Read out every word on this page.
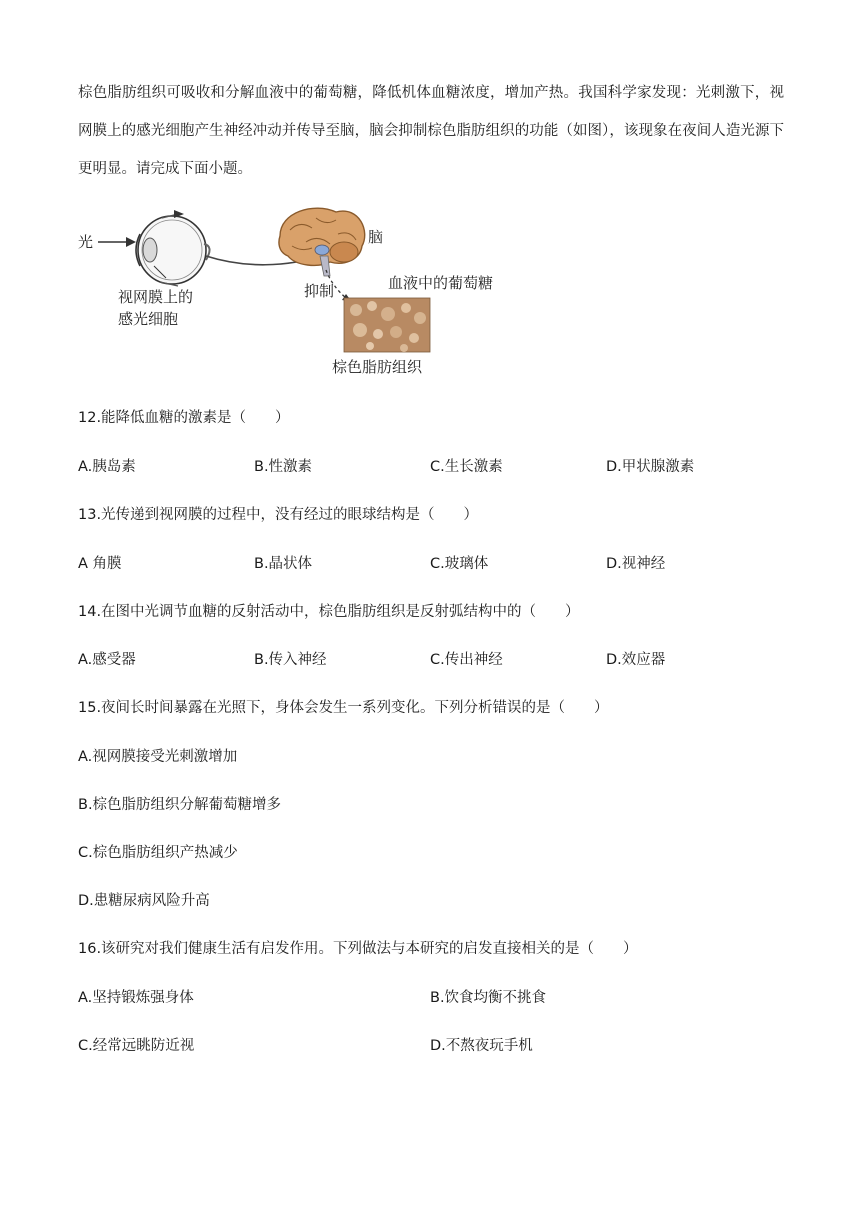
棕色脂肪组织可吸收和分解血液中的葡萄糖，降低机体血糖浓度，增加产热。我国科学家发现：光刺激下，视网膜上的感光细胞产生神经冲动并传导至脑，脑会抑制棕色脂肪组织的功能（如图），该现象在夜间人造光源下更明显。请完成下面小题。

光	脑
视网膜上的
感光细胞
抑制	血液中的葡萄糖
棕色脂肪组织

12.能降低血糖的激素是（　　）

A.胰岛素	B.性激素	C.生长激素	D.甲状腺激素

13.光传递到视网膜的过程中，没有经过的眼球结构是（　　）

A 角膜	B.晶状体	C.玻璃体	D.视神经

14.在图中光调节血糖的反射活动中，棕色脂肪组织是反射弧结构中的（　　）

A.感受器	B.传入神经	C.传出神经	D.效应器

15.夜间长时间暴露在光照下，身体会发生一系列变化。下列分析错误的是（　　）

A.视网膜接受光刺激增加

B.棕色脂肪组织分解葡萄糖增多

C.棕色脂肪组织产热减少

D.患糖尿病风险升高

16.该研究对我们健康生活有启发作用。下列做法与本研究的启发直接相关的是（　　）

A.坚持锻炼强身体	B.饮食均衡不挑食

C.经常远眺防近视	D.不熬夜玩手机
